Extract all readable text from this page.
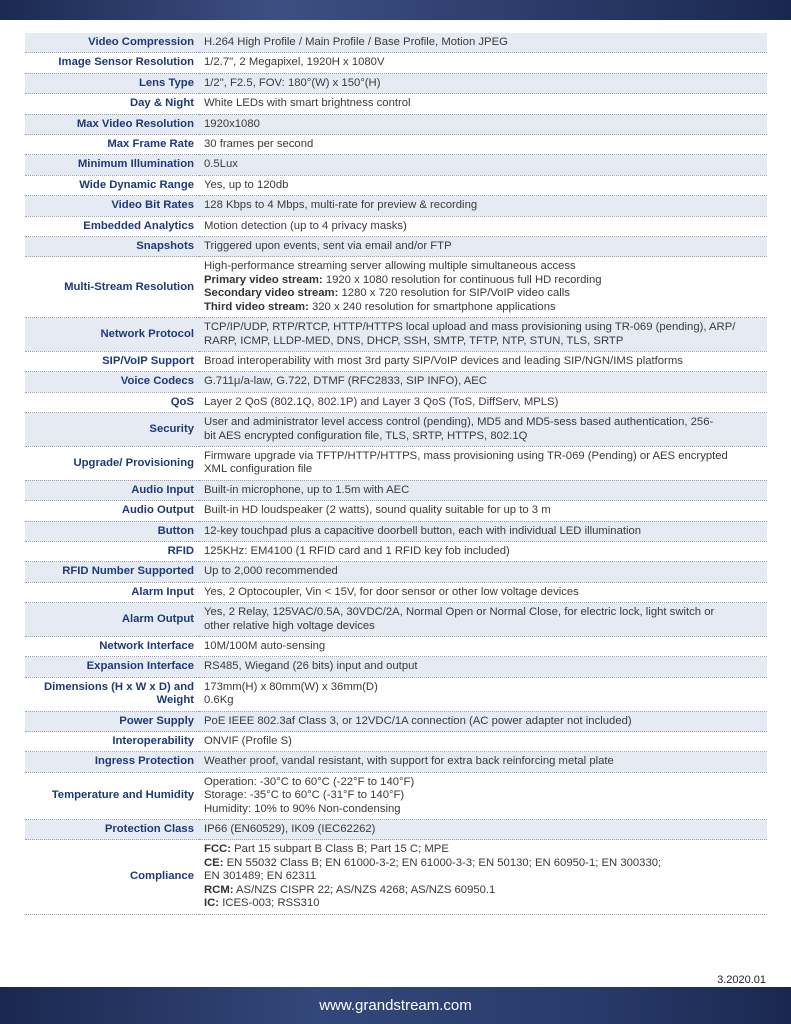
Video Compression	H.264 High Profile / Main Profile / Base Profile, Motion JPEG

Image Sensor Resolution	1/2.7", 2 Megapixel, 1920H x 1080V

Lens Type	1/2", F2.5, FOV: 180°(W) x 150°(H)

Day & Night	White LEDs with smart brightness control

Max Video Resolution	1920x1080

Max Frame Rate	30 frames per second

Minimum Illumination	0.5Lux

Wide Dynamic Range	Yes, up to 120db

Video Bit Rates	128 Kbps to 4 Mbps, multi-rate for preview & recording

Embedded Analytics	Motion detection (up to 4 privacy masks)

Snapshots	Triggered upon events, sent via email and/or FTP

Multi-Stream Resolution	High-performance streaming server allowing multiple simultaneous access
Primary video stream: 1920 x 1080 resolution for continuous full HD recording
Secondary video stream: 1280 x 720 resolution for SIP/VoIP video calls
Third video stream: 320 x 240 resolution for smartphone applications

Network Protocol	TCP/IP/UDP, RTP/RTCP, HTTP/HTTPS local upload and mass provisioning using TR-069 (pending), ARP/
RARP, ICMP, LLDP-MED, DNS, DHCP, SSH, SMTP, TFTP, NTP, STUN, TLS, SRTP

SIP/VoIP Support	Broad interoperability with most 3rd party SIP/VoIP devices and leading SIP/NGN/IMS platforms

Voice Codecs	G.711μ/a-law, G.722, DTMF (RFC2833, SIP INFO), AEC

QoS	Layer 2 QoS (802.1Q, 802.1P) and Layer 3 QoS (ToS, DiffServ, MPLS)

Security	User and administrator level access control (pending), MD5 and MD5-sess based authentication, 256-
bit AES encrypted configuration file, TLS, SRTP, HTTPS, 802.1Q

Upgrade/ Provisioning	Firmware upgrade via TFTP/HTTP/HTTPS, mass provisioning using TR-069 (Pending) or AES encrypted
XML configuration file

Audio Input	Built-in microphone, up to 1.5m with AEC

Audio Output	Built-in HD loudspeaker (2 watts), sound quality suitable for up to 3 m

Button	12-key touchpad plus a capacitive doorbell button, each with individual LED illumination

RFID	125KHz: EM4100 (1 RFID card and 1 RFID key fob included)

RFID Number Supported	Up to 2,000 recommended

Alarm Input	Yes, 2 Optocoupler, Vin < 15V, for door sensor or other low voltage devices

Alarm Output	Yes, 2 Relay, 125VAC/0.5A, 30VDC/2A, Normal Open or Normal Close, for electric lock, light switch or
other relative high voltage devices

Network Interface	10M/100M auto-sensing

Expansion Interface	RS485, Wiegand (26 bits) input and output

Dimensions (H x W x D) and Weight	173mm(H) x 80mm(W) x 36mm(D)
0.6Kg

Power Supply	PoE IEEE 802.3af Class 3, or 12VDC/1A connection (AC power adapter not included)

Interoperability	ONVIF (Profile S)

Ingress Protection	Weather proof, vandal resistant, with support for extra back reinforcing metal plate

Temperature and Humidity	Operation: -30°C to 60°C (-22°F to 140°F)
Storage: -35°C to 60°C (-31°F to 140°F)
Humidity: 10% to 90% Non-condensing

Protection Class	IP66 (EN60529), IK09 (IEC62262)

Compliance	FCC: Part 15 subpart B Class B; Part 15 C; MPE
CE: EN 55032 Class B; EN 61000-3-2; EN 61000-3-3; EN 50130; EN 60950-1; EN 300330;
EN 301489; EN 62311
RCM: AS/NZS CISPR 22; AS/NZS 4268; AS/NZS 60950.1
IC: ICES-003; RSS310
3.2020.01
www.grandstream.com
